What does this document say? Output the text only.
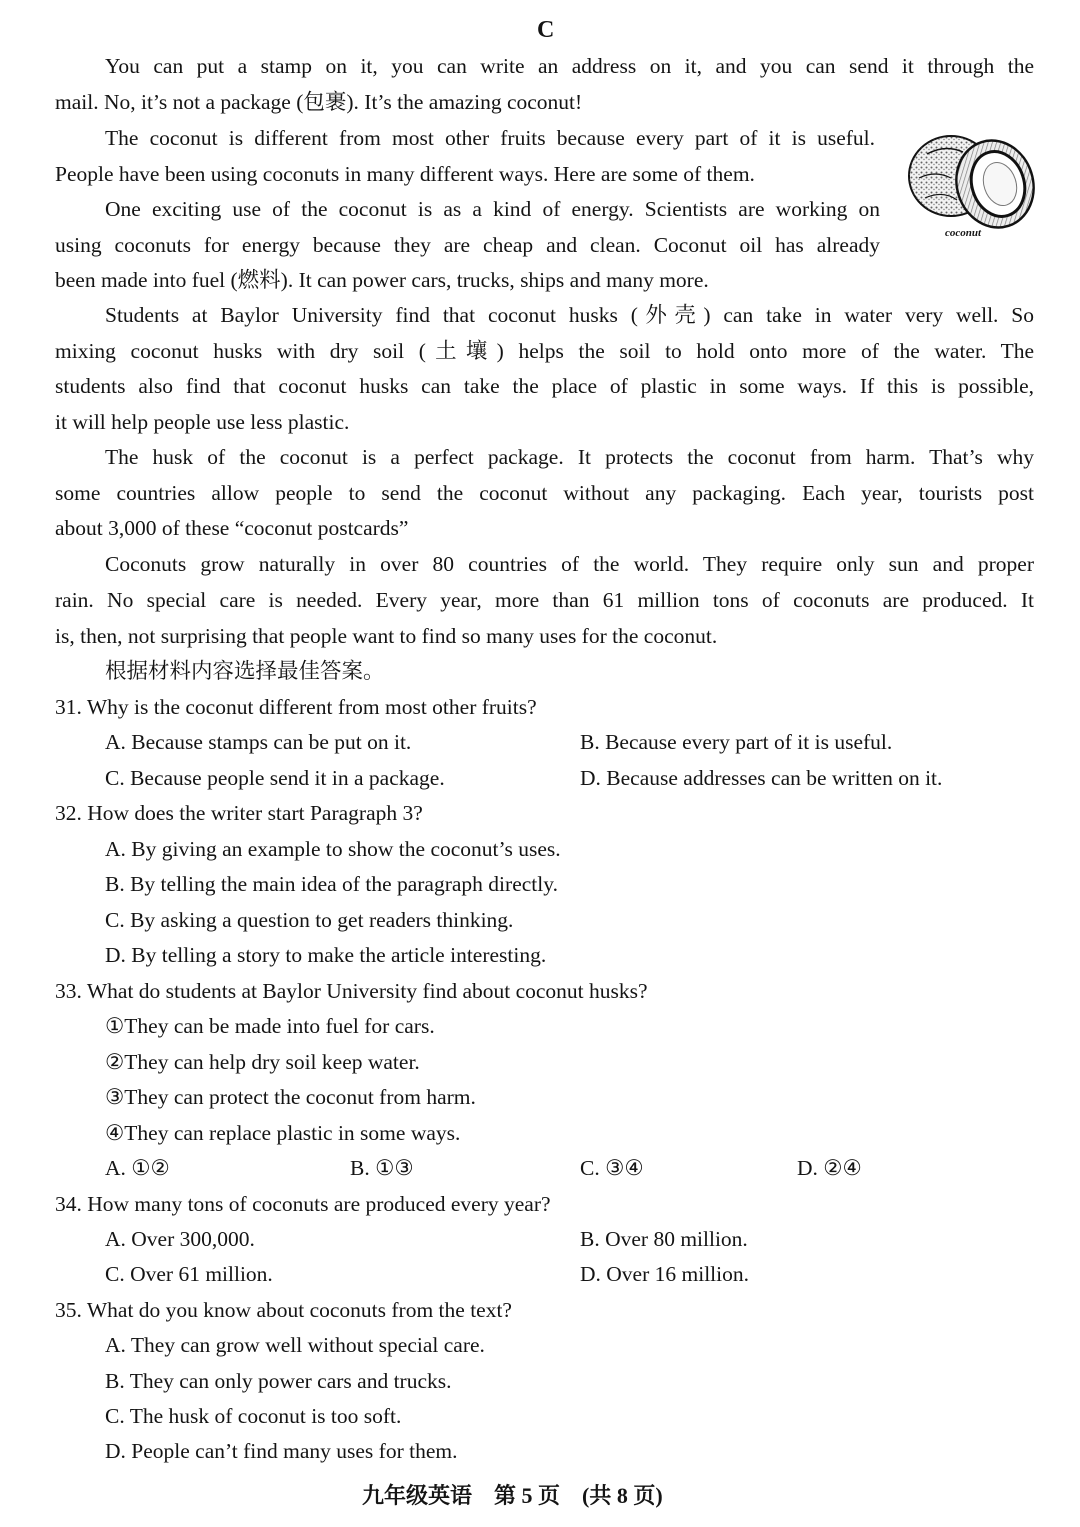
C
You can put a stamp on it, you can write an address on it, and you can send it through the
mail. No, it’s not a package (包裹). It’s the amazing coconut!
The coconut is different from most other fruits because every part of it is useful.
People have been using coconuts in many different ways. Here are some of them.
coconut
One exciting use of the coconut is as a kind of energy. Scientists are working on
using coconuts for energy because they are cheap and clean. Coconut oil has already
been made into fuel (燃料). It can power cars, trucks, ships and many more.
Students at Baylor University find that coconut husks (外壳) can take in water very well. So
mixing coconut husks with dry soil (土壤) helps the soil to hold onto more of the water. The
students also find that coconut husks can take the place of plastic in some ways. If this is possible,
it will help people use less plastic.
The husk of the coconut is a perfect package. It protects the coconut from harm. That’s why
some countries allow people to send the coconut without any packaging. Each year, tourists post
about 3,000 of these “coconut postcards”
Coconuts grow naturally in over 80 countries of the world. They require only sun and proper
rain. No special care is needed. Every year, more than 61 million tons of coconuts are produced. It
is, then, not surprising that people want to find so many uses for the coconut.
根据材料内容选择最佳答案。
31. Why is the coconut different from most other fruits?
A. Because stamps can be put on it.	B. Because every part of it is useful.
C. Because people send it in a package.	D. Because addresses can be written on it.
32. How does the writer start Paragraph 3?
A. By giving an example to show the coconut’s uses.
B. By telling the main idea of the paragraph directly.
C. By asking a question to get readers thinking.
D. By telling a story to make the article interesting.
33. What do students at Baylor University find about coconut husks?
①They can be made into fuel for cars.
②They can help dry soil keep water.
③They can protect the coconut from harm.
④They can replace plastic in some ways.
A. ①②	B. ①③	C. ③④	D. ②④
34. How many tons of coconuts are produced every year?
A. Over 300,000.	B. Over 80 million.
C. Over 61 million.	D. Over 16 million.
35. What do you know about coconuts from the text?
A. They can grow well without special care.
B. They can only power cars and trucks.
C. The husk of coconut is too soft.
D. People can’t find many uses for them.
九年级英语　第 5 页　(共 8 页)
